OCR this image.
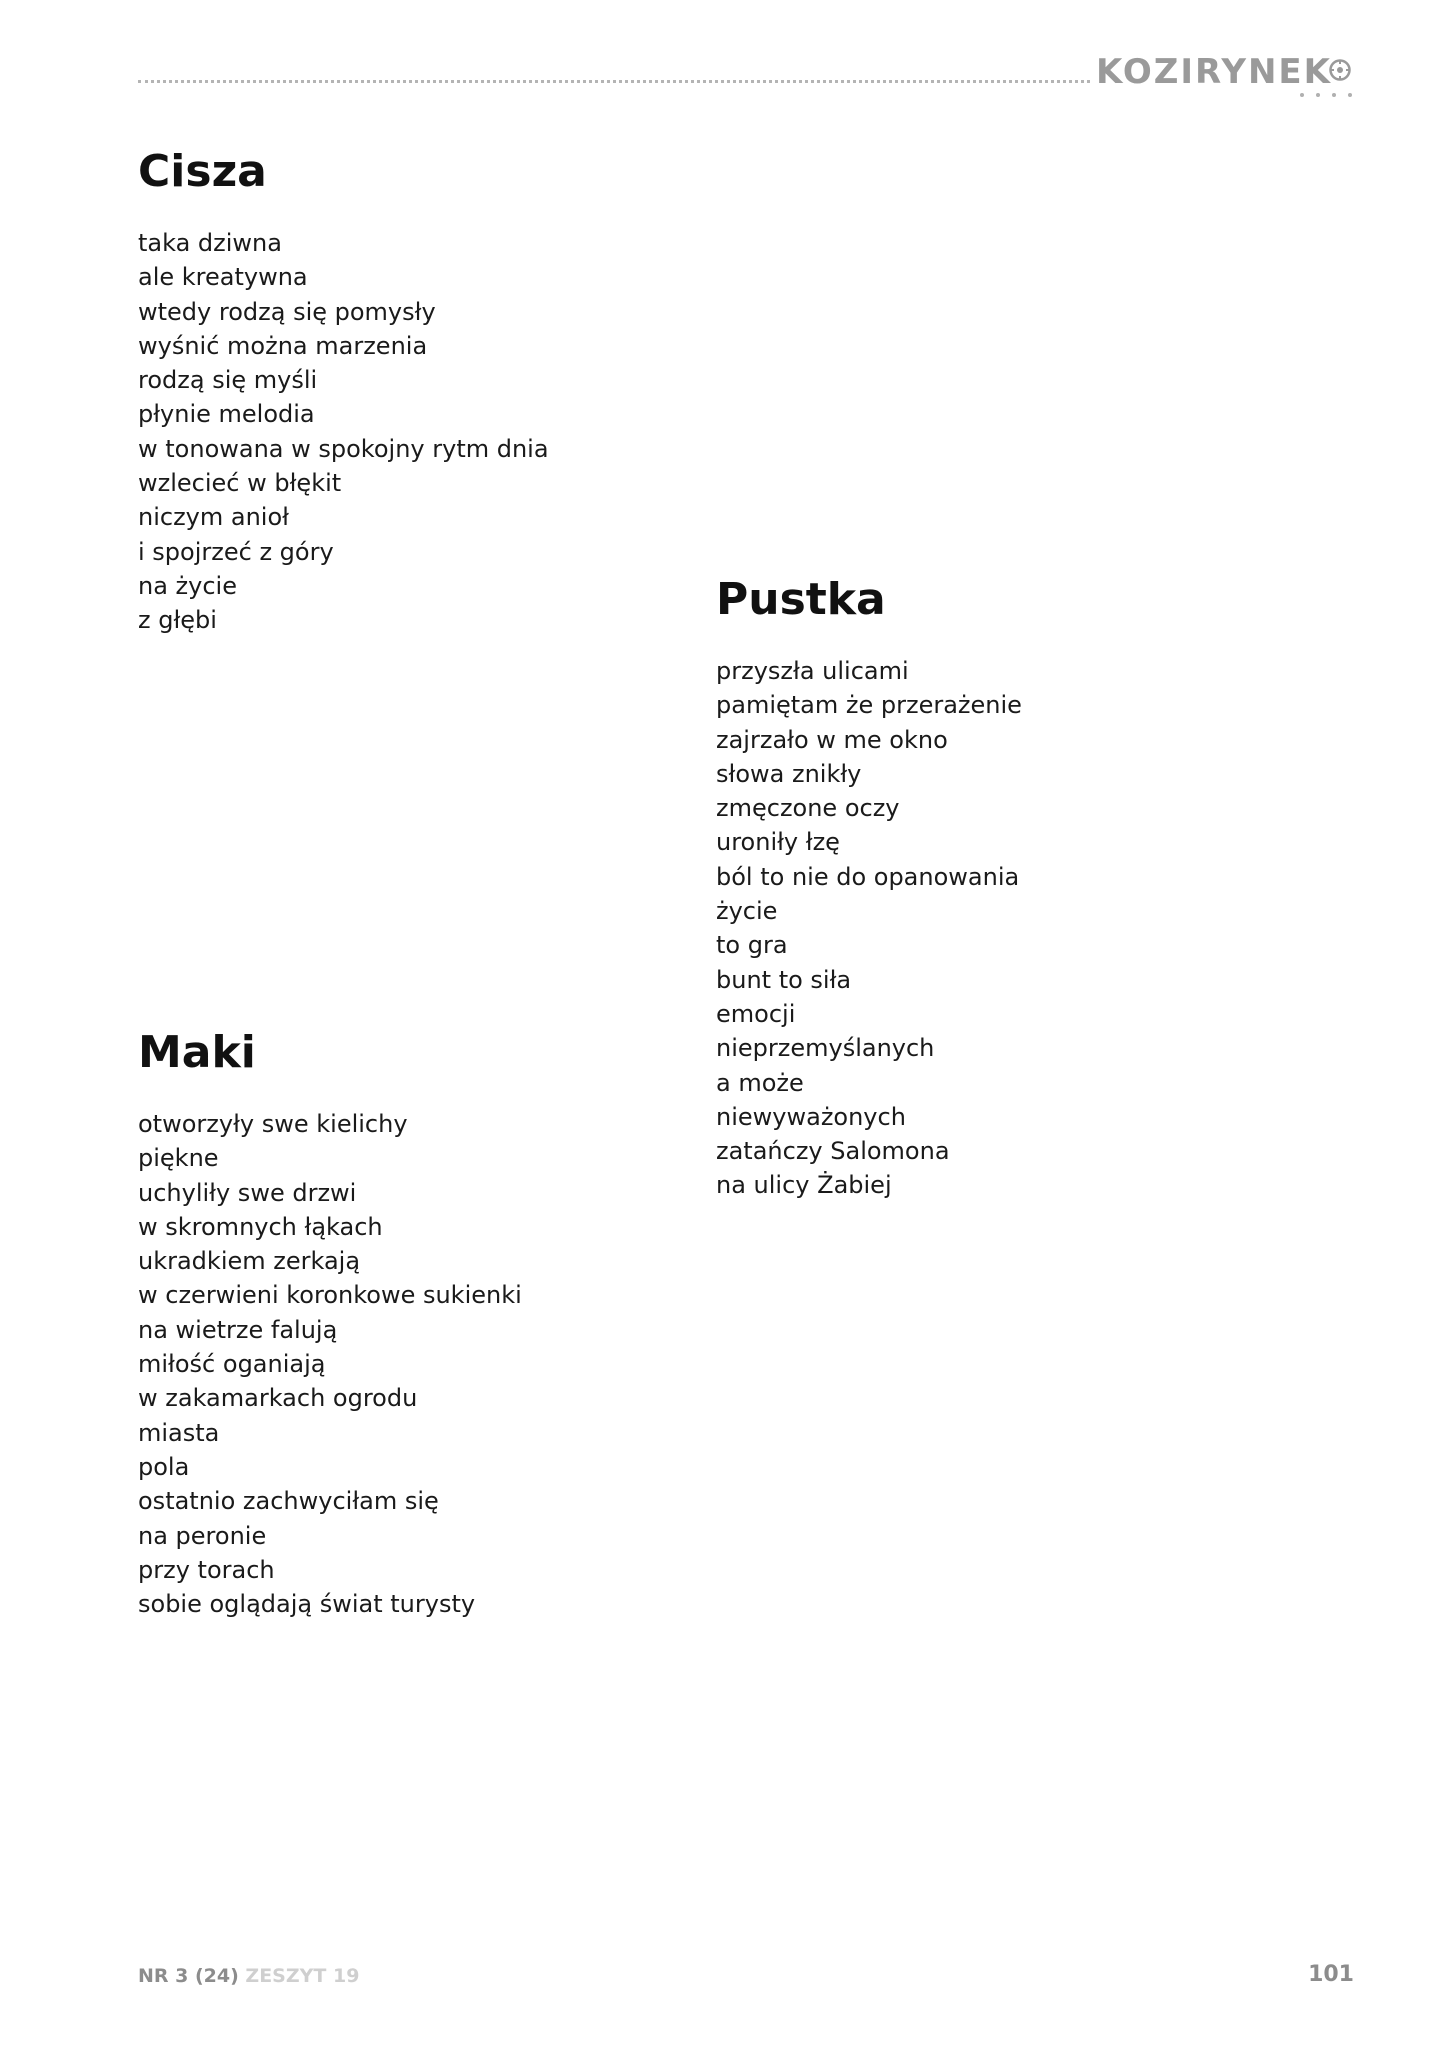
KOZIRYNEK
Cisza
taka dziwna
ale kreatywna
wtedy rodzą się pomysły
wyśnić można marzenia
rodzą się myśli
płynie melodia
w tonowana w spokojny rytm dnia
wzlecieć w błękit
niczym anioł
i spojrzeć z góry
na życie
z głębi	Pustka
przyszła ulicami
pamiętam że przerażenie
zajrzało w me okno
słowa znikły
zmęczone oczy
uroniły łzę
ból to nie do opanowania
życie
to gra
bunt to siła
emocji
nieprzemyślanych
a może
niewyważonych
zatańczy Salomona
na ulicy Żabiej
Maki
otworzyły swe kielichy
piękne
uchyliły swe drzwi
w skromnych łąkach
ukradkiem zerkają
w czerwieni koronkowe sukienki
na wietrze falują
miłość oganiają
w zakamarkach ogrodu
miasta
pola
ostatnio zachwyciłam się
na peronie
przy torach
sobie oglądają świat turysty
NR 3 (24) ZESZYT 19	101
